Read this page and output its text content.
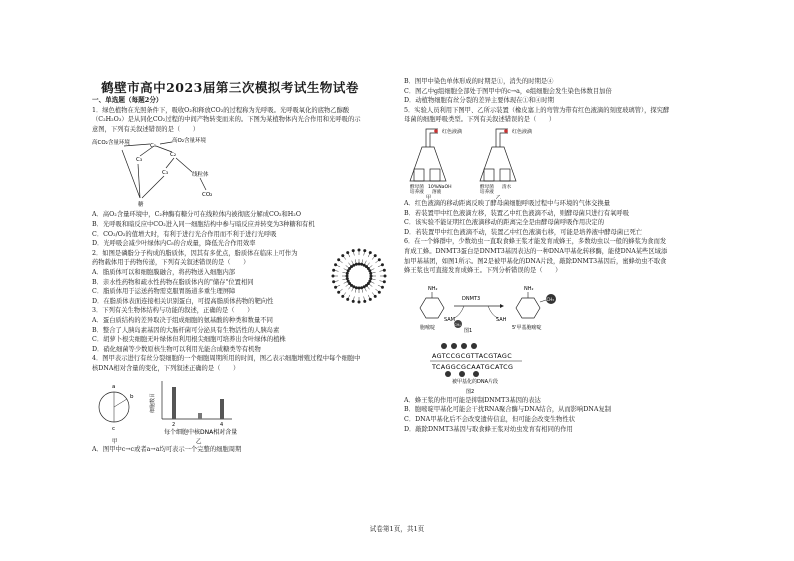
鹤壁市高中2023届第三次模拟考试生物试卷

一、单选题（每题2分）

1．绿色植物在光照条件下，吸收O₂和释放CO₂的过程称为光呼吸。光呼吸氧化的底物乙醇酸

（C₂H₂O₃）是从同化CO₂过程的中间产物转变而来的。下图为某植物体内光合作用和光呼吸的示

意图，下列有关叙述错误的是（　　）

高CO₂含量环境	高O₂含量环境
C₅
C₃
C₂
C₃	线粒体
糖
CO₂

A．高O₂含量环境中，C₂种酶有糖分可在线粒体内被彻底分解成CO₂和H₂O

B．光呼吸和暗反应中CO₂进入同一细胞结构中参与暗反应并转变为3种糖和有机

C．CO₂/O₂的值增大时，有利于进行光合作用而不利于进行光呼吸

D．光呼吸会减少叶绿体内C₅的合成量，降低光合作用效率

2．如图是磷脂分子构成的脂质体，因其有多优点，脂质体在临床上可作为

药物载体用于药物传递，下列有关叙述错误的是（　　）

A．脂质体可以和细胞膜融合，将药物送入细胞内部

B．亲水性药物和疏水性药物在脂质体内的"储存"位置相同

C．脂质体用于运送药物需克服胃肠道多重生理屏障

D．在脂质体表面连接相关识别蛋白，可提高脂质体药物的靶向性

3．下列有关生物体结构与功能的叙述，正确的是（　　）

A．蛋白质结构的差异取决于组成细胞的氨基酸的种类和数量不同

B．整合了人胰岛素基因的大肠杆菌可分泌具有生物活性的人胰岛素

C．胡萝卜根尖细胞无叶绿体但利用根尖细胞可培养出含叶绿体的植株

D．硝化细菌等少数原核生物可以利用光能合成糖类等有机物

4．图甲表示进行有丝分裂细胞的一个细胞周期所用的时间，图乙表示细胞增殖过程中每个细胞中

核DNA相对含量的变化，下列叙述正确的是（　　）

a
b
c
甲
细胞数目
2	4
每个细胞中核DNA相对含量
乙

A．图甲中c→c或者a→a均可表示一个完整的细胞周期

B．图甲中染色单体形成的时期是①，消失的时期是④

C．图乙中g组细胞全部处于图甲中的c→a，e组细胞会发生染色体数目加倍

D．动植物细胞有丝分裂的差异主要体现在①和④时期

5．实验人员利用下图甲、乙所示装置（橡皮塞上的弯管为带有红色液滴的刻度玻璃管），探究酵

母菌的细胞呼吸类型。下列有关叙述错误的是（　　）

红色液滴
酵母菌
培养液
10%NaOH
溶液
甲
红色液滴
酵母菌
培养液
清水
乙

A．红色液滴的移动距离反映了酵母菌细胞呼吸过程中与环境的气体交换量

B．若装置甲中红色液滴左移，装置乙中红色液滴不动，则酵母菌只进行有氧呼吸

C．该实验不能证明红色液滴移动的距离完全是由酵母菌呼吸作用决定的

D．若装置甲中红色液滴不动，装置乙中红色液滴右移，可能是培养液中酵母菌已死亡

6．在一个蜂群中，少数幼虫一直取食蜂王浆才能发育成蜂王，多数幼虫以一般的蜂浆为食而发

育成工蜂。DNMT3蛋白是DNMT3基因表达的一种DNA甲基化转移酶，能使DNA某些区域添

加甲基基团，如图1所示。图2是被甲基化的DNA片段，敲除DNMT3基因后，蜜蜂幼虫不取食

蜂王浆也可直接发育成蜂王。下列分析错误的是（　　）

NH₂
胞嘧啶
DNMT3
SAM	SAH
CH₃
图1
NH₂
CH₃
5'甲基胞嘧啶
AGTCCGCGTTACGTAGC
TCAGGCGCAATGCATCG
被甲基化的DNA片段
图2

A．蜂王浆的作用可能是抑制DNMT3基因的表达

B．胞嘧啶甲基化可能会干扰RNA聚合酶与DNA结合，从而影响DNA复制

C．DNA甲基化后不会改变遗传信息，但可能会改变生物性状

D．敲除DNMT3基因与取食蜂王浆对幼虫发育有相同的作用

试卷第1页，共1页
